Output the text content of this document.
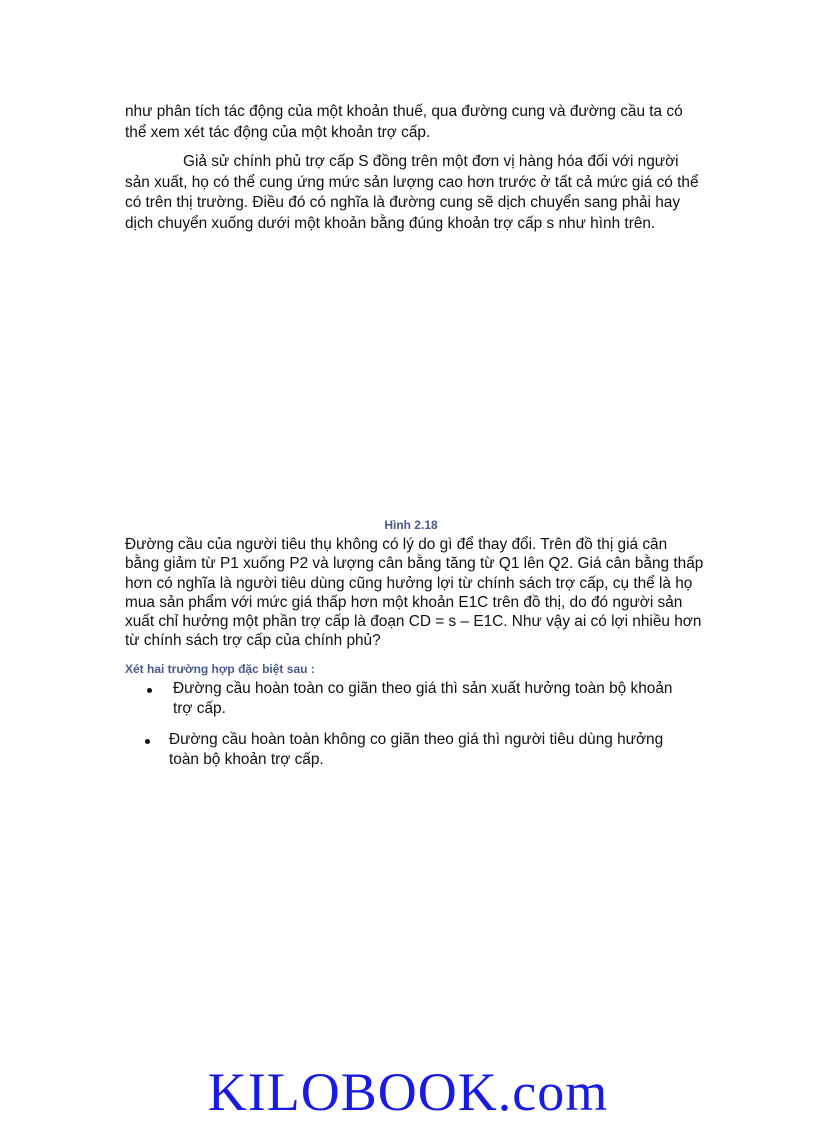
như phân tích tác động của một khoản thuế, qua đường cung và đường cầu ta có thể xem xét tác động của một khoản trợ cấp.

Giả sử chính phủ trợ cấp S đồng trên một đơn vị hàng hóa đối với người sản xuất, họ có thể cung ứng mức sản lượng cao hơn trước ở tất cả mức giá có thể có trên thị trường. Điều đó có nghĩa là đường cung sẽ dịch chuyển sang phải hay dịch chuyển xuống dưới một khoản bằng đúng khoản trợ cấp s như hình trên.

Hình 2.18

Đường cầu của người tiêu thụ không có lý do gì để thay đổi. Trên đồ thị giá cân bằng giảm từ P1 xuống P2 và lượng cân bằng tăng từ Q1 lên Q2. Giá cân bằng thấp hơn có nghĩa là người tiêu dùng cũng hưởng lợi từ chính sách trợ cấp, cụ thể là họ mua sản phẩm với mức giá thấp hơn một khoản E1C trên đồ thị, do đó người sản xuất chỉ hưởng một phần trợ cấp là đoạn CD = s – E1C. Như vậy ai có lợi nhiều hơn từ chính sách trợ cấp của chính phủ?

Xét hai trường hợp đặc biệt sau :

Đường cầu hoàn toàn co giãn theo giá thì sản xuất hưởng toàn bộ khoản trợ cấp.
Đường cầu hoàn toàn không co giãn theo giá thì người tiêu dùng hưởng toàn bộ khoản trợ cấp.
KILOBOOK.com
